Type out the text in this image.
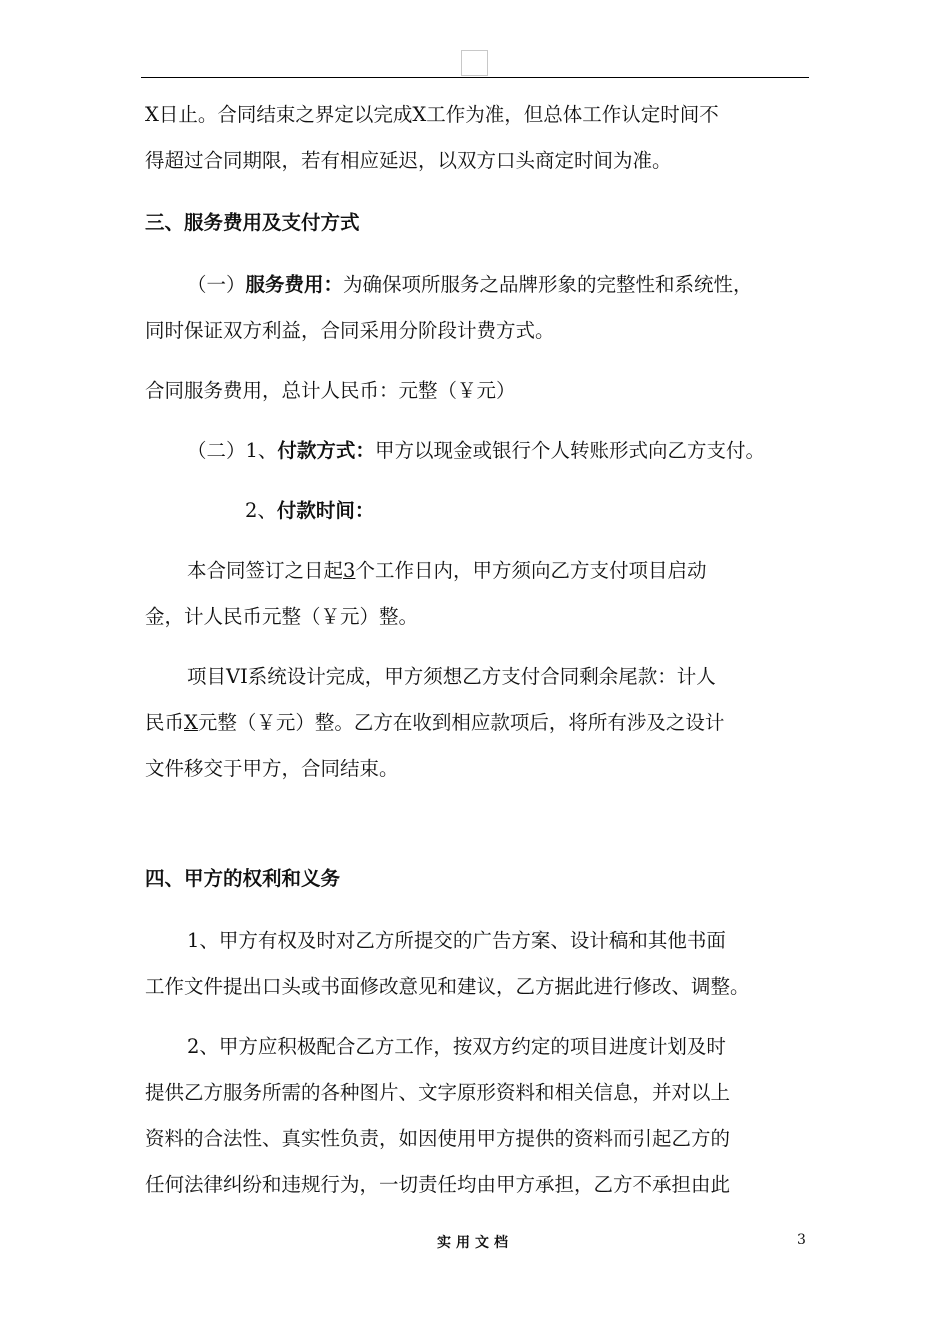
X日止。合同结束之界定以完成X工作为准，但总体工作认定时间不

得超过合同期限，若有相应延迟，以双方口头商定时间为准。

三、服务费用及支付方式

（一）服务费用：为确保项所服务之品牌形象的完整性和系统性，

同时保证双方利益，合同采用分阶段计费方式。

合同服务费用，总计人民币：元整（￥元）

（二）1、付款方式：甲方以现金或银行个人转账形式向乙方支付。

2、付款时间：

本合同签订之日起3个工作日内，甲方须向乙方支付项目启动

金，计人民币元整（￥元）整。

项目VI系统设计完成，甲方须想乙方支付合同剩余尾款：计人

民币X元整（￥元）整。乙方在收到相应款项后，将所有涉及之设计

文件移交于甲方，合同结束。

四、甲方的权利和义务

1、甲方有权及时对乙方所提交的广告方案、设计稿和其他书面

工作文件提出口头或书面修改意见和建议，乙方据此进行修改、调整。

2、甲方应积极配合乙方工作，按双方约定的项目进度计划及时

提供乙方服务所需的各种图片、文字原形资料和相关信息，并对以上

资料的合法性、真实性负责，如因使用甲方提供的资料而引起乙方的

任何法律纠纷和违规行为，一切责任均由甲方承担，乙方不承担由此

实用文档	3
